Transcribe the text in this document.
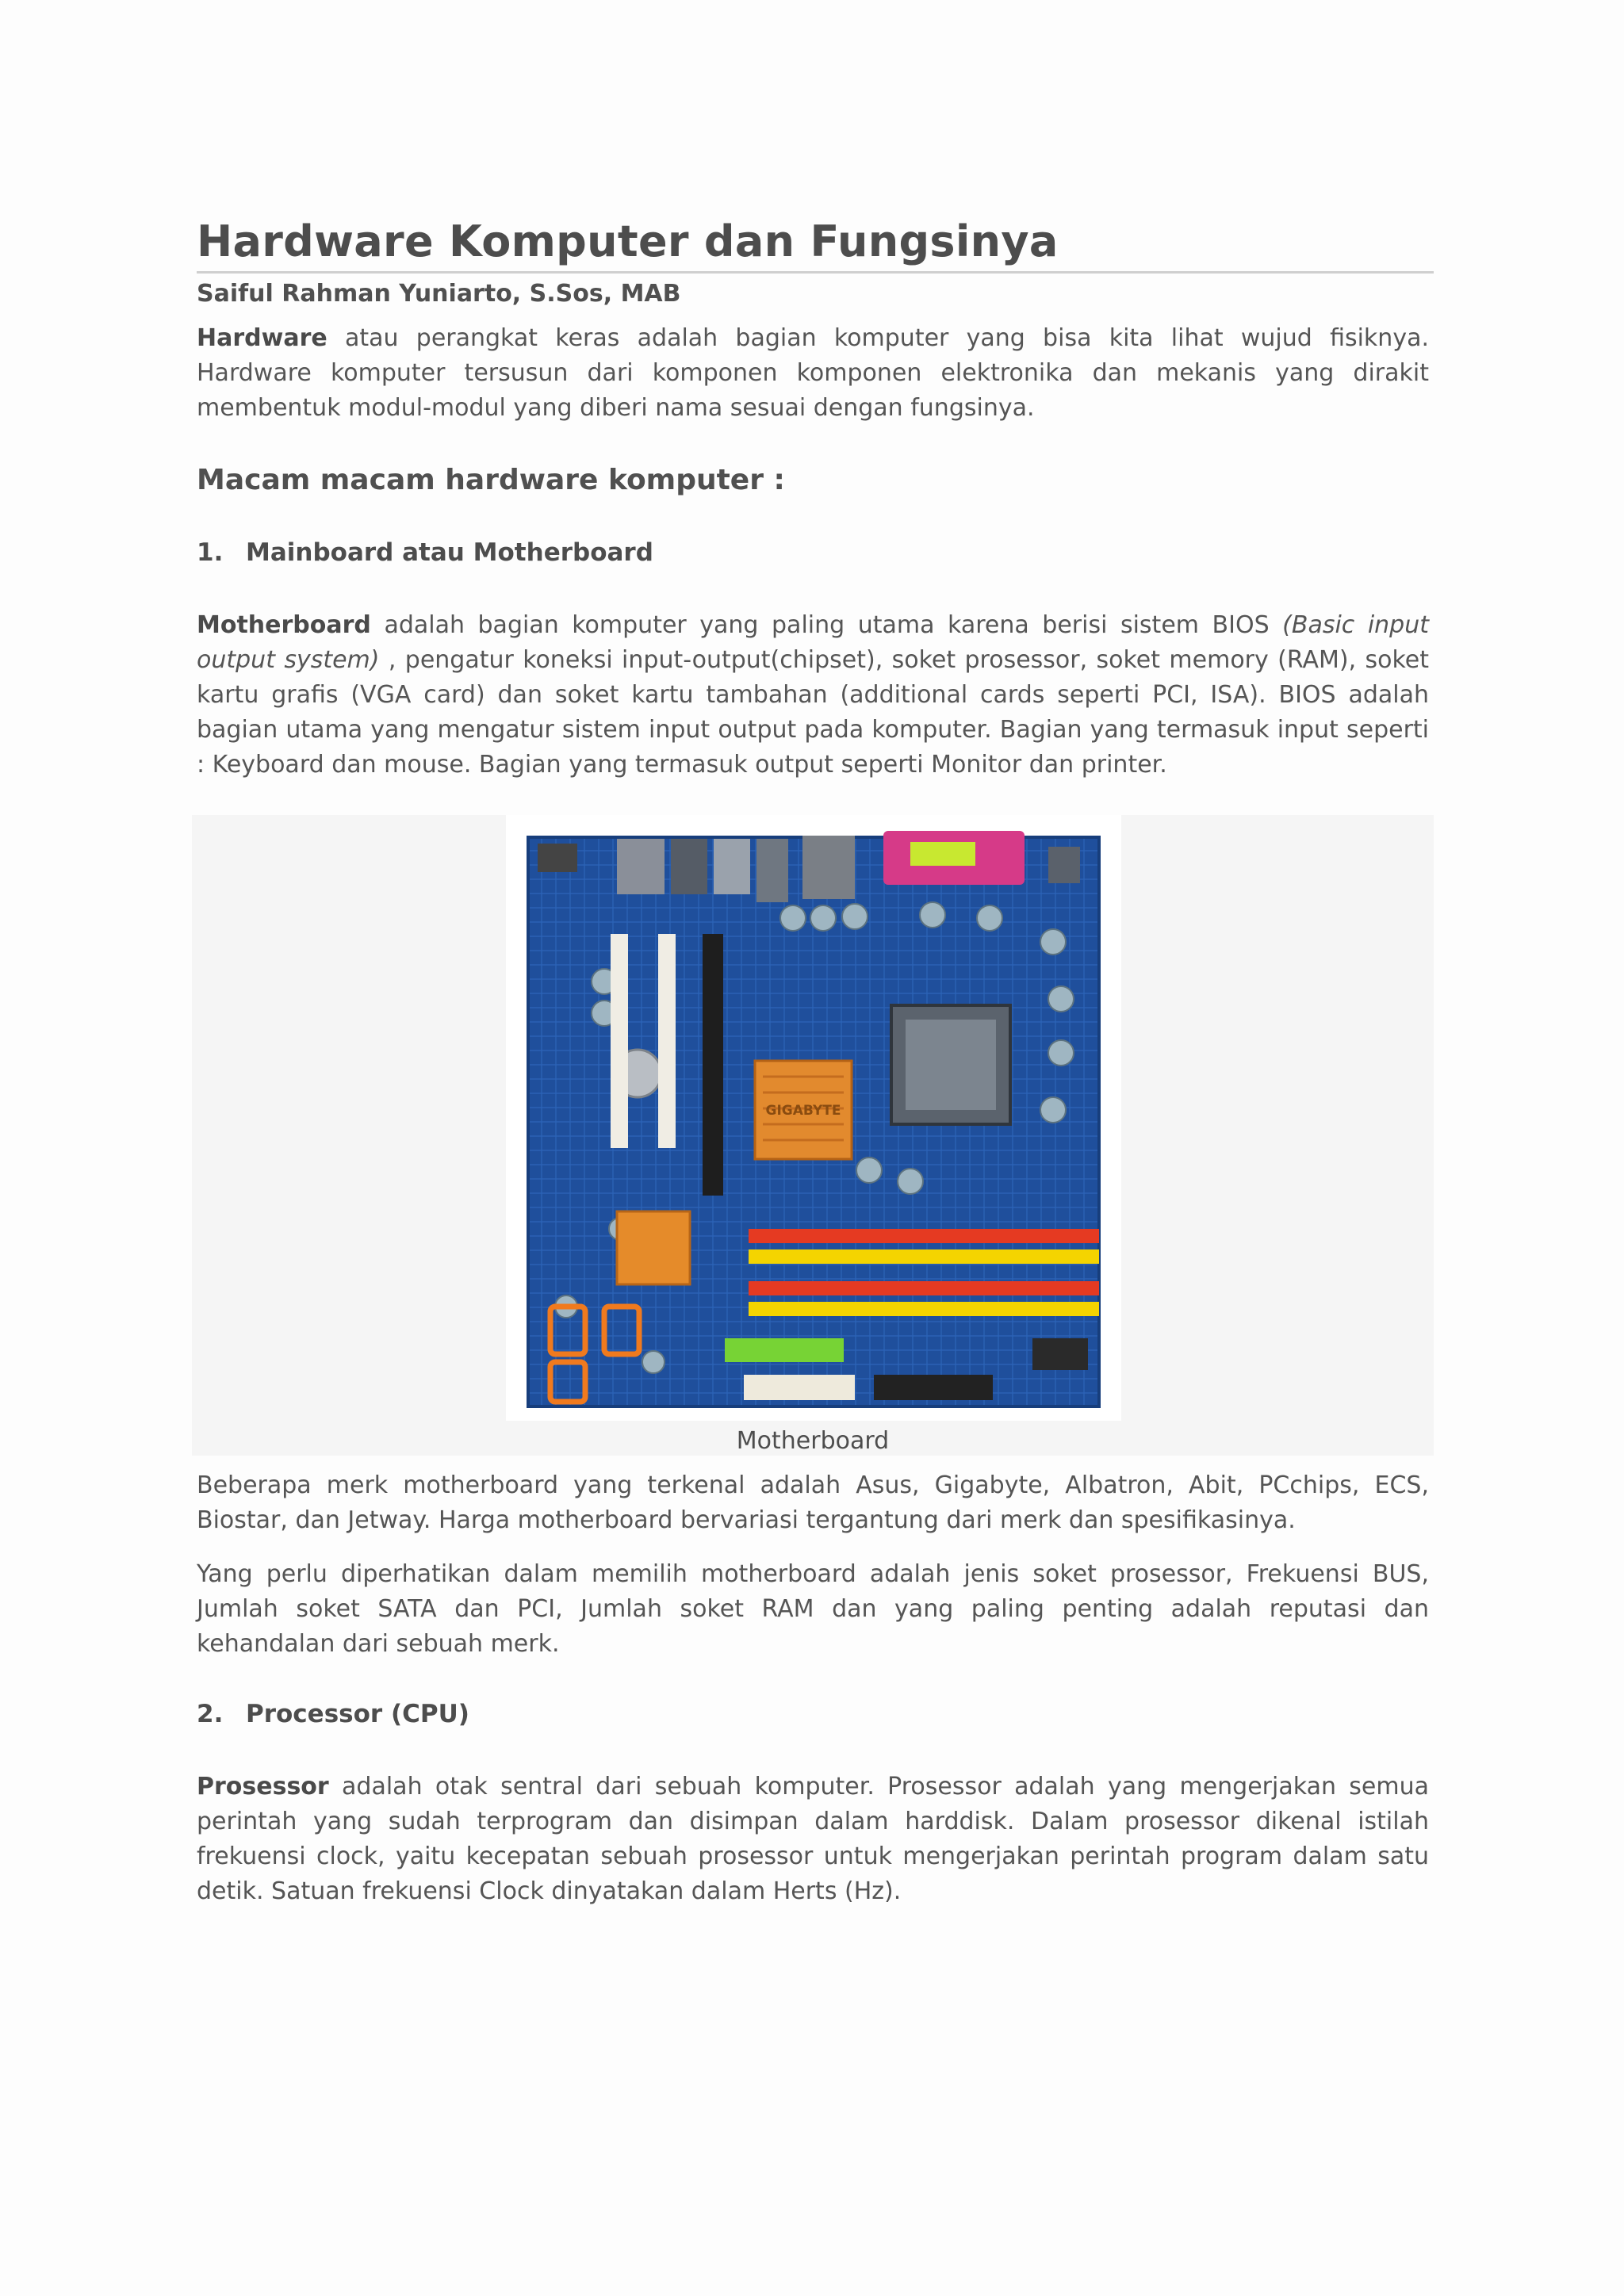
Hardware Komputer dan Fungsinya
Saiful Rahman Yuniarto, S.Sos, MAB

Hardware atau perangkat keras adalah bagian komputer yang bisa kita lihat wujud fisiknya. Hardware komputer tersusun dari komponen komponen elektronika dan mekanis yang dirakit membentuk modul-modul yang diberi nama sesuai dengan fungsinya.

Macam macam hardware komputer :
1. Mainboard atau Motherboard

Motherboard adalah bagian komputer yang paling utama karena berisi sistem BIOS (Basic input output system) , pengatur koneksi input-output(chipset), soket prosessor, soket memory (RAM), soket kartu grafis (VGA card) dan soket kartu tambahan (additional cards seperti PCI, ISA). BIOS adalah bagian utama yang mengatur sistem input output pada komputer. Bagian yang termasuk input seperti : Keyboard dan mouse. Bagian yang termasuk output seperti Monitor dan printer.

GIGABYTE
Motherboard

Beberapa merk motherboard yang terkenal adalah Asus, Gigabyte, Albatron, Abit, PCchips, ECS, Biostar, dan Jetway. Harga motherboard bervariasi tergantung dari merk dan spesifikasinya.

Yang perlu diperhatikan dalam memilih motherboard adalah jenis soket prosessor, Frekuensi BUS, Jumlah soket SATA dan PCI, Jumlah soket RAM dan yang paling penting adalah reputasi dan kehandalan dari sebuah merk.

2. Processor (CPU)

Prosessor adalah otak sentral dari sebuah komputer. Prosessor adalah yang mengerjakan semua perintah yang sudah terprogram dan disimpan dalam harddisk. Dalam prosessor dikenal istilah frekuensi clock, yaitu kecepatan sebuah prosessor untuk mengerjakan perintah program dalam satu detik. Satuan frekuensi Clock dinyatakan dalam Herts (Hz).
